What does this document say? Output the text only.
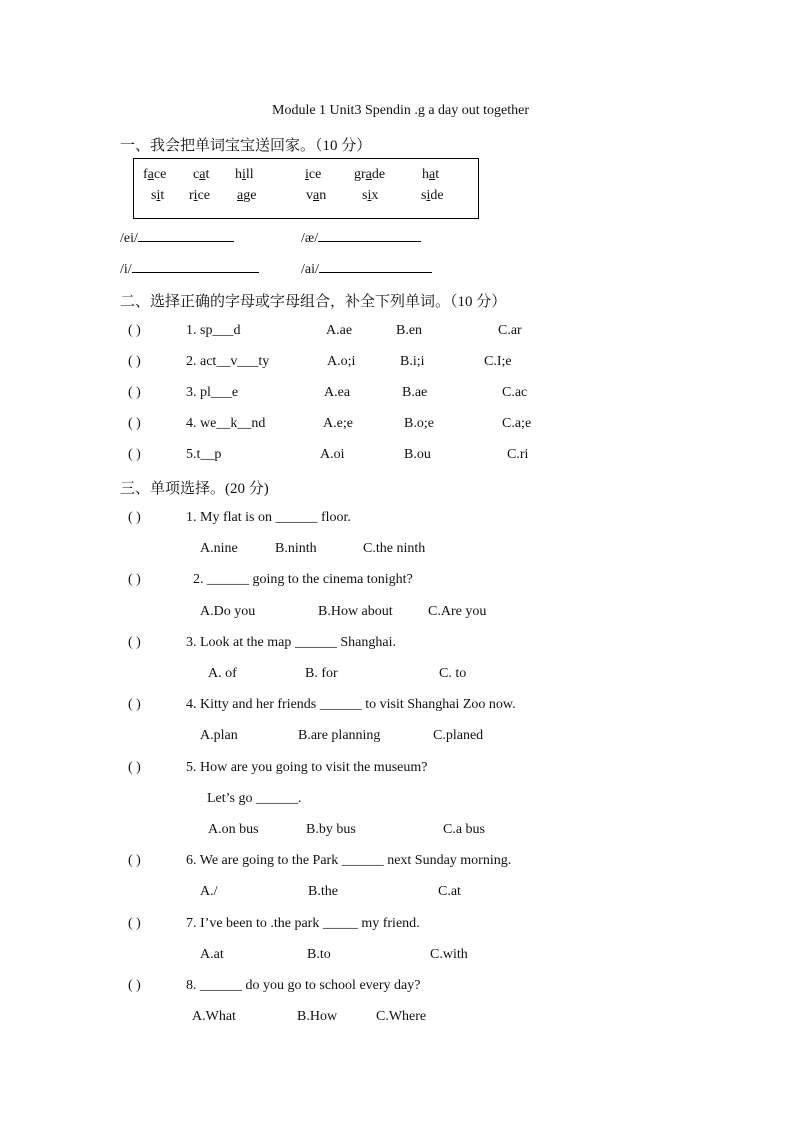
Module 1 Unit3 Spendin .g a day out together
一、我会把单词宝宝送回家。（10 分）
face cat hill	ice grade	hat
sit rice age	van	six	side
/ei/	/æ/
/i/	/ai/
二、选择正确的字母或字母组合，补全下列单词。（10 分）
( )	1. sp___d	A.ae	B.en	C.ar
( )	2. act__v___ty	A.o;i	B.i;i	C.I;e
( )	3. pl___e	A.ea	B.ae	C.ac
( )	4. we__k__nd	A.e;e	B.o;e	C.a;e
( )	5.t__p	A.oi	B.ou	C.ri
三、单项选择。(20 分)
( )	1. My flat is on ______ floor.
A.nine	B.ninth	C.the ninth
( )	2. ______ going to the cinema tonight?
A.Do you	B.How about	C.Are you
( )	3. Look at the map ______ Shanghai.
A. of	B. for	C. to
( )	4. Kitty and her friends ______ to visit Shanghai Zoo now.
A.plan	B.are planning	C.planed
( )	5. How are you going to visit the museum?
Let’s go ______.
A.on bus	B.by bus	C.a bus
( )	6. We are going to the Park ______ next Sunday morning.
A./	B.the	C.at
( )	7. I’ve been to .the park _____ my friend.
A.at	B.to	C.with
( )	8. ______ do you go to school every day?
A.What	B.How	C.Where
